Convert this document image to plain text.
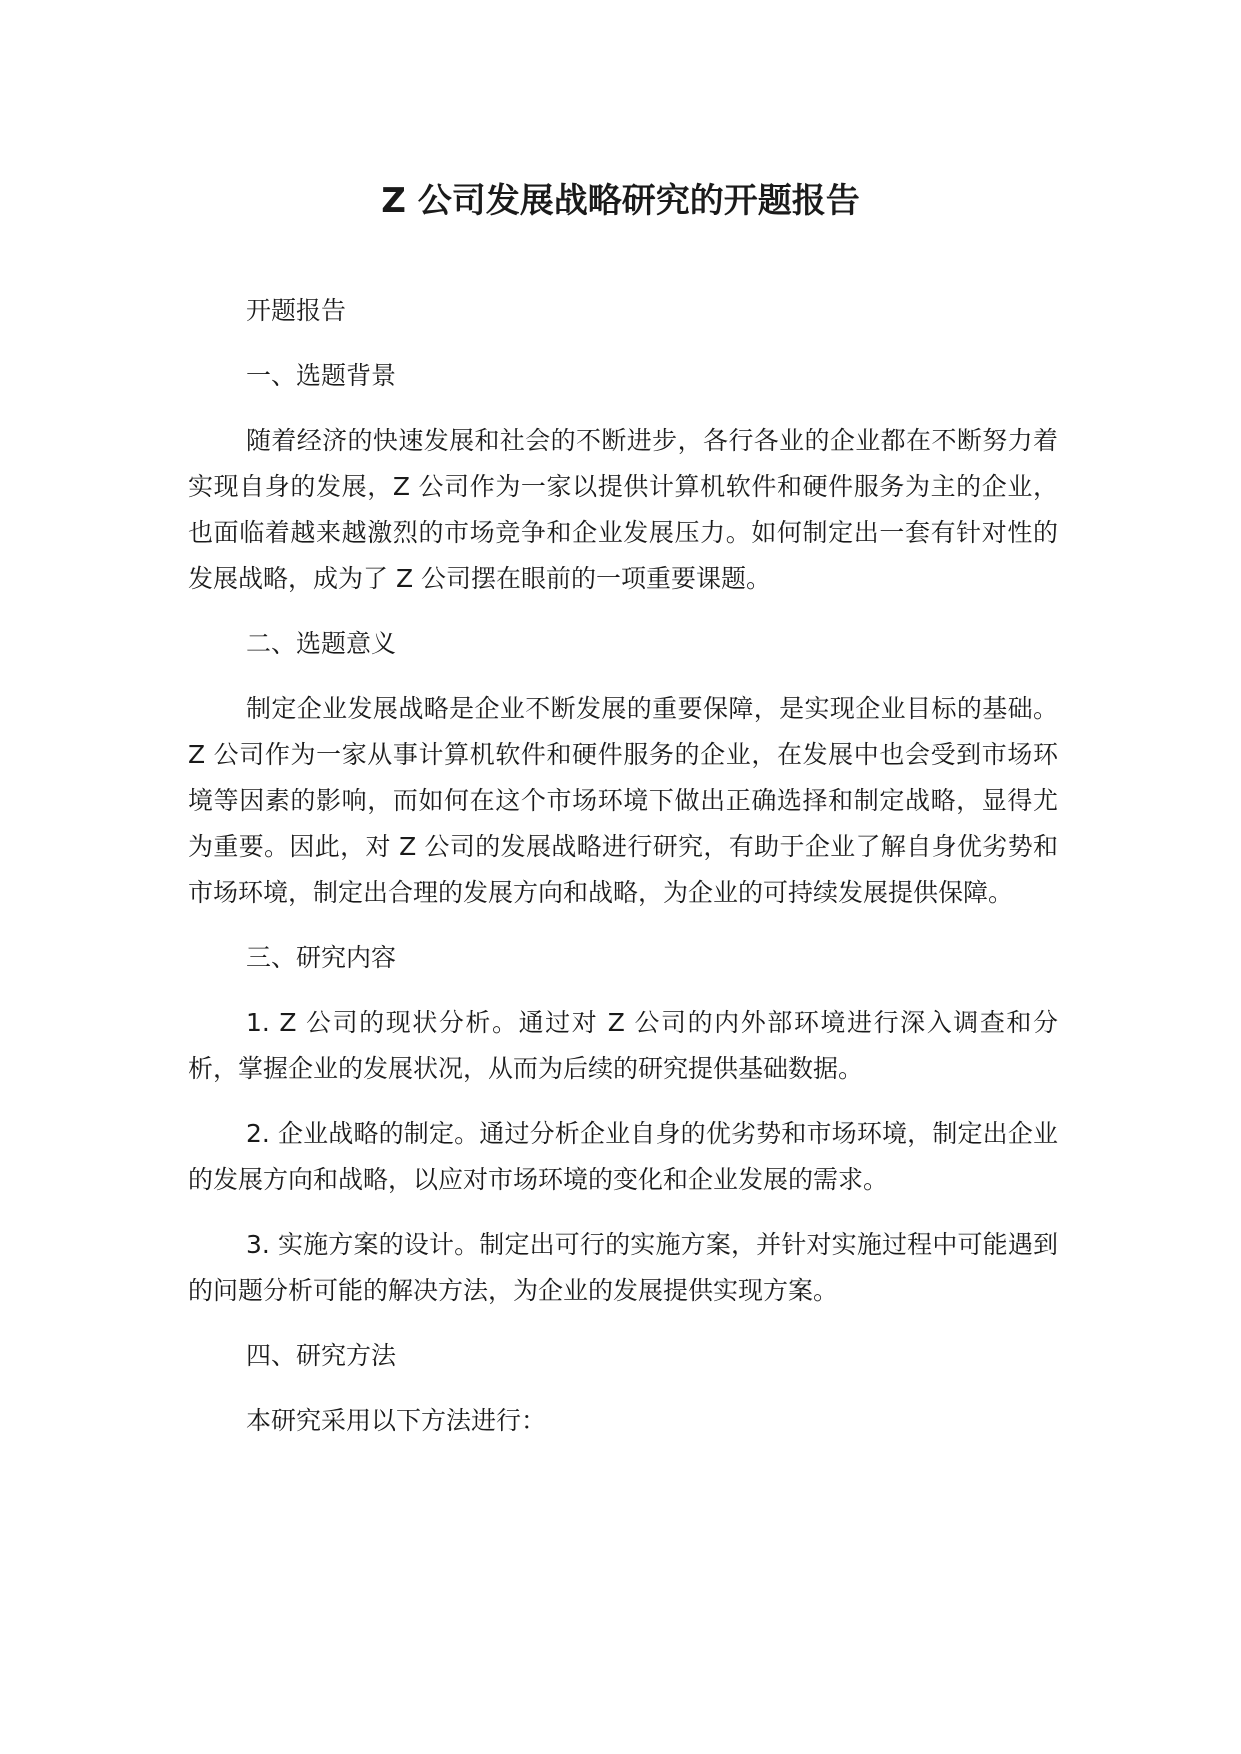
Z 公司发展战略研究的开题报告

开题报告

一、选题背景

随着经济的快速发展和社会的不断进步，各行各业的企业都在不断努力着实现自身的发展，Z 公司作为一家以提供计算机软件和硬件服务为主的企业，也面临着越来越激烈的市场竞争和企业发展压力。如何制定出一套有针对性的发展战略，成为了 Z 公司摆在眼前的一项重要课题。

二、选题意义

制定企业发展战略是企业不断发展的重要保障，是实现企业目标的基础。Z 公司作为一家从事计算机软件和硬件服务的企业，在发展中也会受到市场环境等因素的影响，而如何在这个市场环境下做出正确选择和制定战略，显得尤为重要。因此，对 Z 公司的发展战略进行研究，有助于企业了解自身优劣势和市场环境，制定出合理的发展方向和战略，为企业的可持续发展提供保障。

三、研究内容

1. Z 公司的现状分析。通过对 Z 公司的内外部环境进行深入调查和分析，掌握企业的发展状况，从而为后续的研究提供基础数据。

2. 企业战略的制定。通过分析企业自身的优劣势和市场环境，制定出企业的发展方向和战略，以应对市场环境的变化和企业发展的需求。

3. 实施方案的设计。制定出可行的实施方案，并针对实施过程中可能遇到的问题分析可能的解决方法，为企业的发展提供实现方案。

四、研究方法

本研究采用以下方法进行：
